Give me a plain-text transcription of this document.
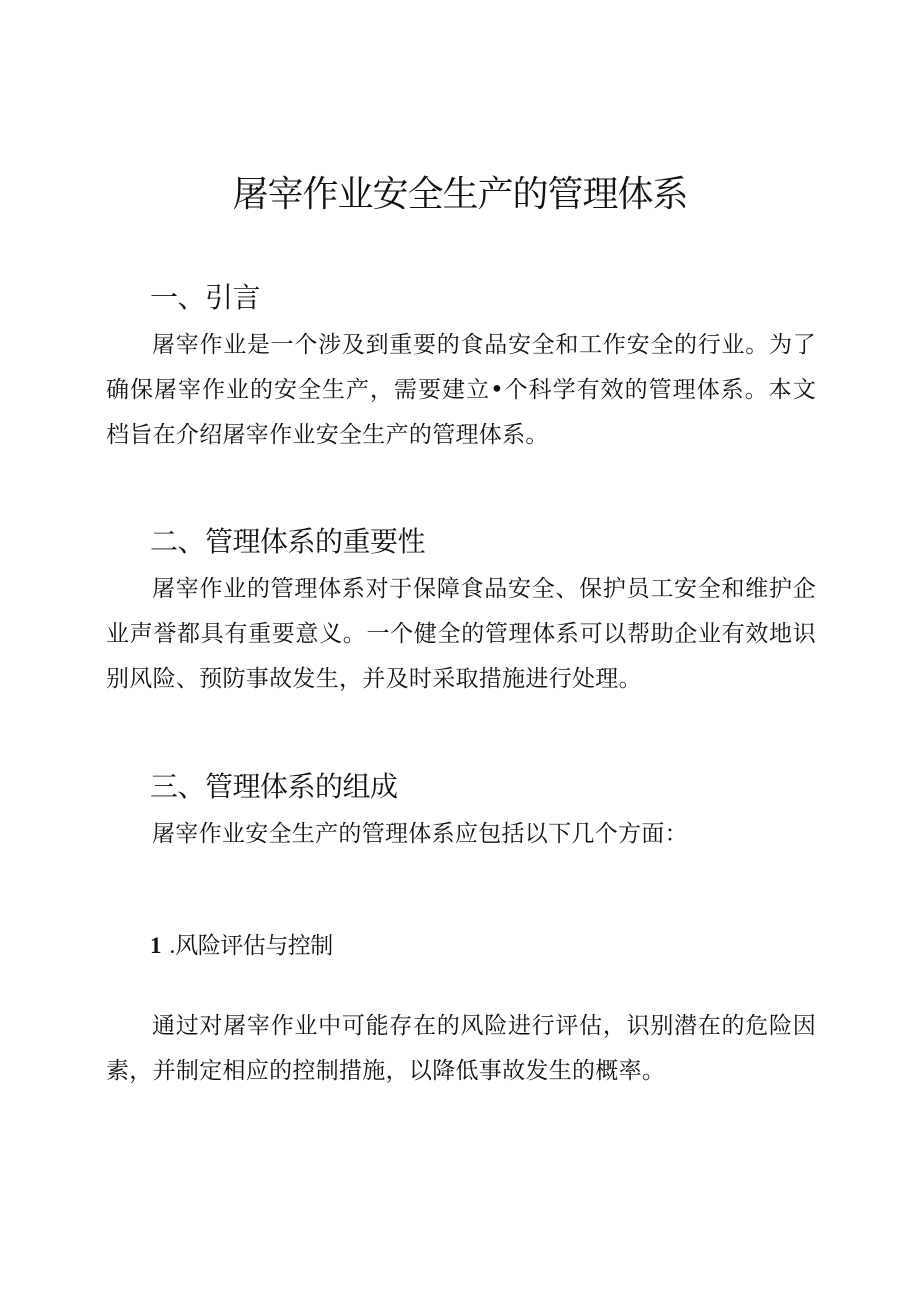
屠宰作业安全生产的管理体系
一、引言

屠宰作业是一个涉及到重要的食品安全和工作安全的行业。为了确保屠宰作业的安全生产，需要建立•个科学有效的管理体系。本文档旨在介绍屠宰作业安全生产的管理体系。

二、管理体系的重要性

屠宰作业的管理体系对于保障食品安全、保护员工安全和维护企业声誉都具有重要意义。一个健全的管理体系可以帮助企业有效地识别风险、预防事故发生，并及时采取措施进行处理。

三、管理体系的组成

屠宰作业安全生产的管理体系应包括以下几个方面：

1 .风险评估与控制

通过对屠宰作业中可能存在的风险进行评估，识别潜在的危险因素，并制定相应的控制措施，以降低事故发生的概率。
